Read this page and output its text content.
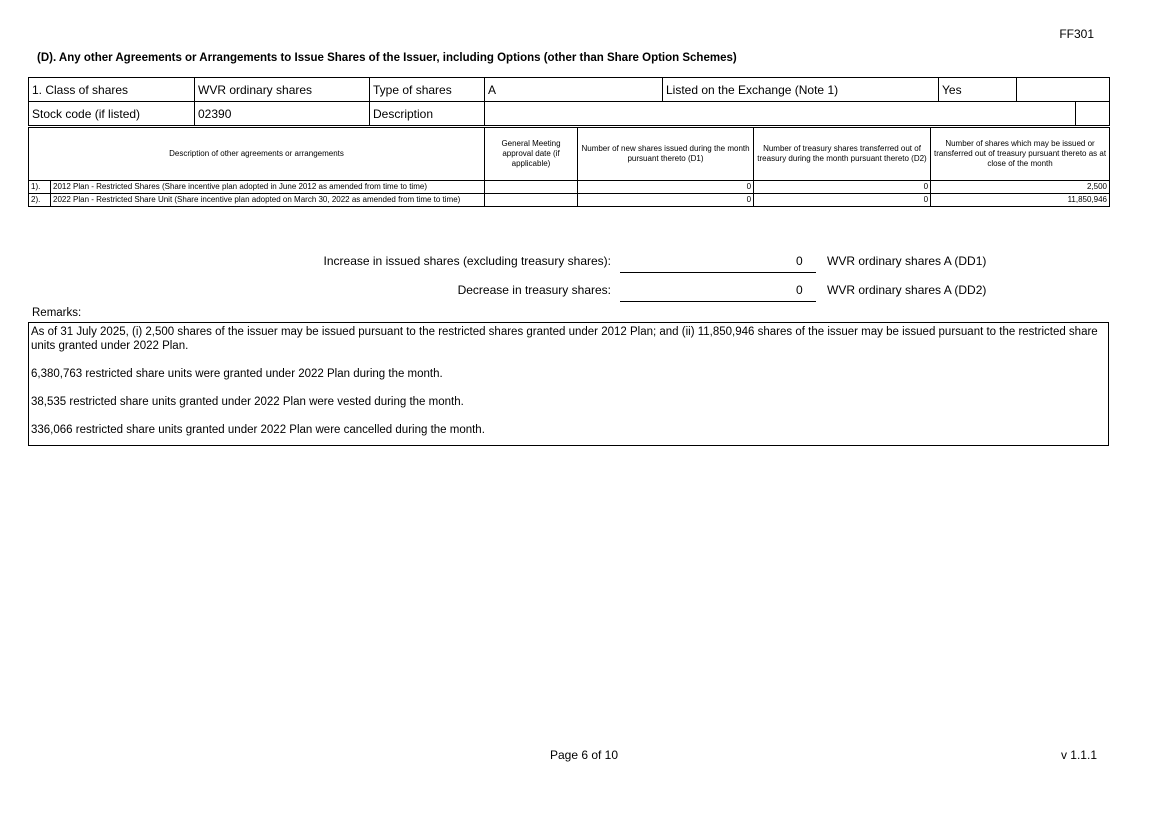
FF301
(D). Any other Agreements or Arrangements to Issue Shares of the Issuer, including Options (other than Share Option Schemes)
1. Class of shares	WVR ordinary shares	Type of shares	A	Listed on the Exchange (Note 1)	Yes		
Stock code (if listed)	02390	Description					
Description of other agreements or arrangements		General Meeting approval date (if applicable)	Number of new shares issued during the month pursuant thereto (D1)	Number of treasury shares transferred out of treasury during the month pursuant thereto (D2)	Number of shares which may be issued or transferred out of treasury pursuant thereto as at close of the month
1).	2012 Plan - Restricted Shares (Share incentive plan adopted in June 2012 as amended from time to time)		0	0	2,500
2).	2022 Plan - Restricted Share Unit (Share incentive plan adopted on March 30, 2022 as amended from time to time)		0	0	11,850,946
Increase in issued shares (excluding treasury shares):	0	WVR ordinary shares A (DD1)
Decrease in treasury shares:	0	WVR ordinary shares A (DD2)
Remarks:

As of 31 July 2025, (i) 2,500 shares of the issuer may be issued pursuant to the restricted shares granted under 2012 Plan; and (ii) 11,850,946 shares of the issuer may be issued pursuant to the restricted share units granted under 2022 Plan.

6,380,763 restricted share units were granted under 2022 Plan during the month.

38,535 restricted share units granted under 2022 Plan were vested during the month.

336,066 restricted share units granted under 2022 Plan were cancelled during the month.

Page 6 of 10	v 1.1.1
